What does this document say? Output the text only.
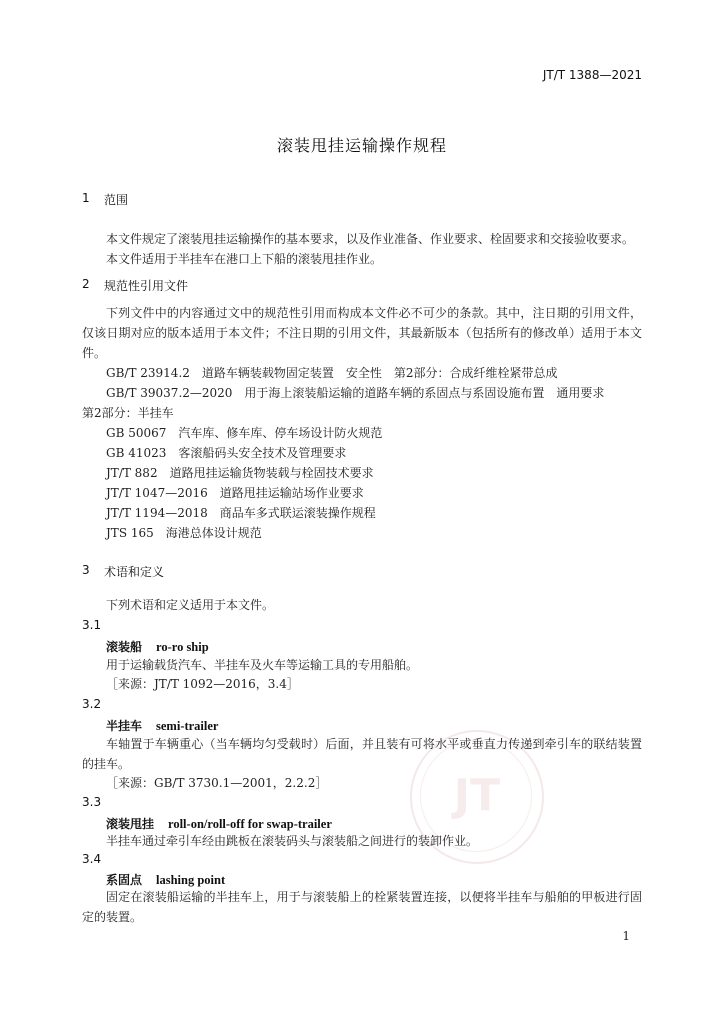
JT/T 1388—2021
滚装甩挂运输操作规程
1 范围
本文件规定了滚装甩挂运输操作的基本要求，以及作业准备、作业要求、栓固要求和交接验收要求。
本文件适用于半挂车在港口上下船的滚装甩挂作业。
2 规范性引用文件
下列文件中的内容通过文中的规范性引用而构成本文件必不可少的条款。其中，注日期的引用文件，仅该日期对应的版本适用于本文件；不注日期的引用文件，其最新版本（包括所有的修改单）适用于本文件。
GB/T 23914.2　道路车辆装载物固定装置　安全性　第2部分：合成纤维栓紧带总成
GB/T 39037.2—2020　用于海上滚装船运输的道路车辆的系固点与系固设施布置　通用要求
第2部分：半挂车
GB 50067　汽车库、修车库、停车场设计防火规范
GB 41023　客滚船码头安全技术及管理要求
JT/T 882　道路甩挂运输货物装载与栓固技术要求
JT/T 1047—2016　道路甩挂运输站场作业要求
JT/T 1194—2018　商品车多式联运滚装操作规程
JTS 165　海港总体设计规范
3 术语和定义
下列术语和定义适用于本文件。
JT
3.1
滚装船 ro-ro ship
用于运输载货汽车、半挂车及火车等运输工具的专用船舶。
［来源：JT/T 1092—2016，3.4］
3.2
半挂车 semi-trailer
车轴置于车辆重心（当车辆均匀受载时）后面，并且装有可将水平或垂直力传递到牵引车的联结装置的挂车。
［来源：GB/T 3730.1—2001，2.2.2］
3.3
滚装甩挂 roll-on/roll-off for swap-trailer
半挂车通过牵引车经由跳板在滚装码头与滚装船之间进行的装卸作业。
3.4
系固点 lashing point
固定在滚装船运输的半挂车上，用于与滚装船上的栓紧装置连接，以便将半挂车与船舶的甲板进行固定的装置。
1
